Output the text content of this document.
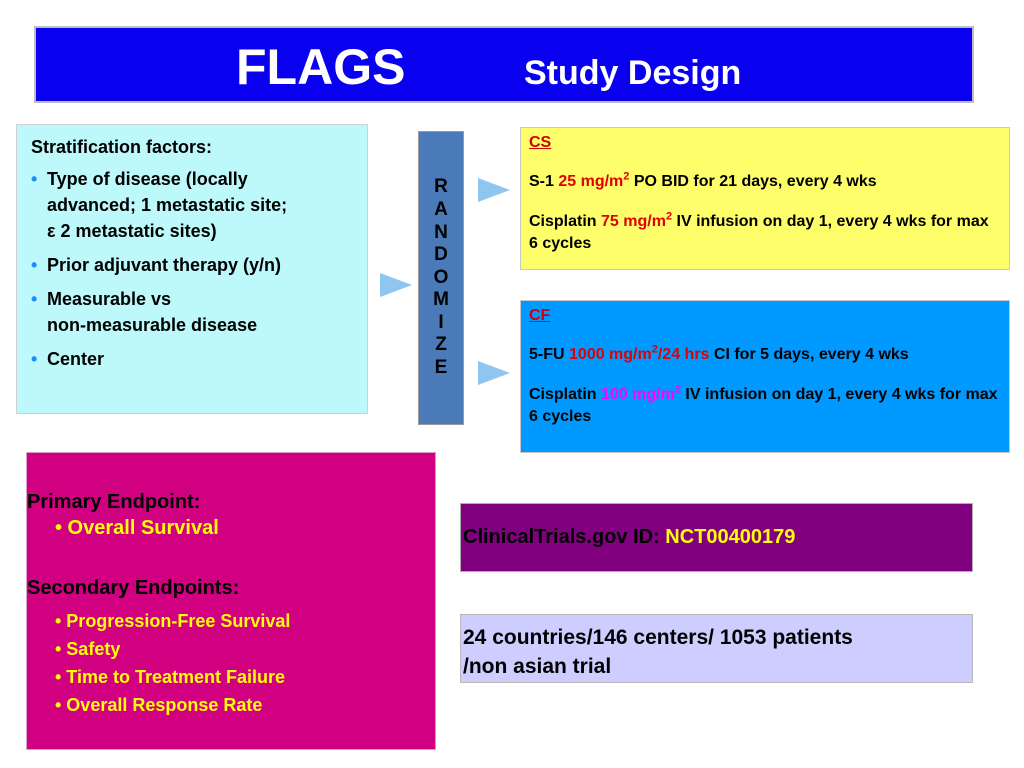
FLAGS	Study Design
Stratification factors:
• Type of disease (locally
advanced; 1 metastatic site;
ε 2 metastatic sites)
• Prior adjuvant therapy (y/n)
• Measurable vs
non-measurable disease
• Center
R
A
N
D
O
M
I
Z
E
CS
S-1 25 $mg/m^2$ PO BID for 21 days, every 4 wks
Cisplatin 75 $mg/m^2$ IV infusion on day 1, every 4 wks for max 6 cycles
CF
5-FU 1000 $mg/m^2/24$ hrs CI for 5 days, every 4 wks
Cisplatin 100 $mg/m^2$ IV infusion on day 1, every 4 wks for max 6 cycles
Primary Endpoint:
• Overall Survival
Secondary Endpoints:
• Progression-Free Survival
• Safety
• Time to Treatment Failure
• Overall Response Rate
ClinicalTrials.gov ID: NCT00400179
24 countries/146 centers/ 1053 patients
/non asian trial
